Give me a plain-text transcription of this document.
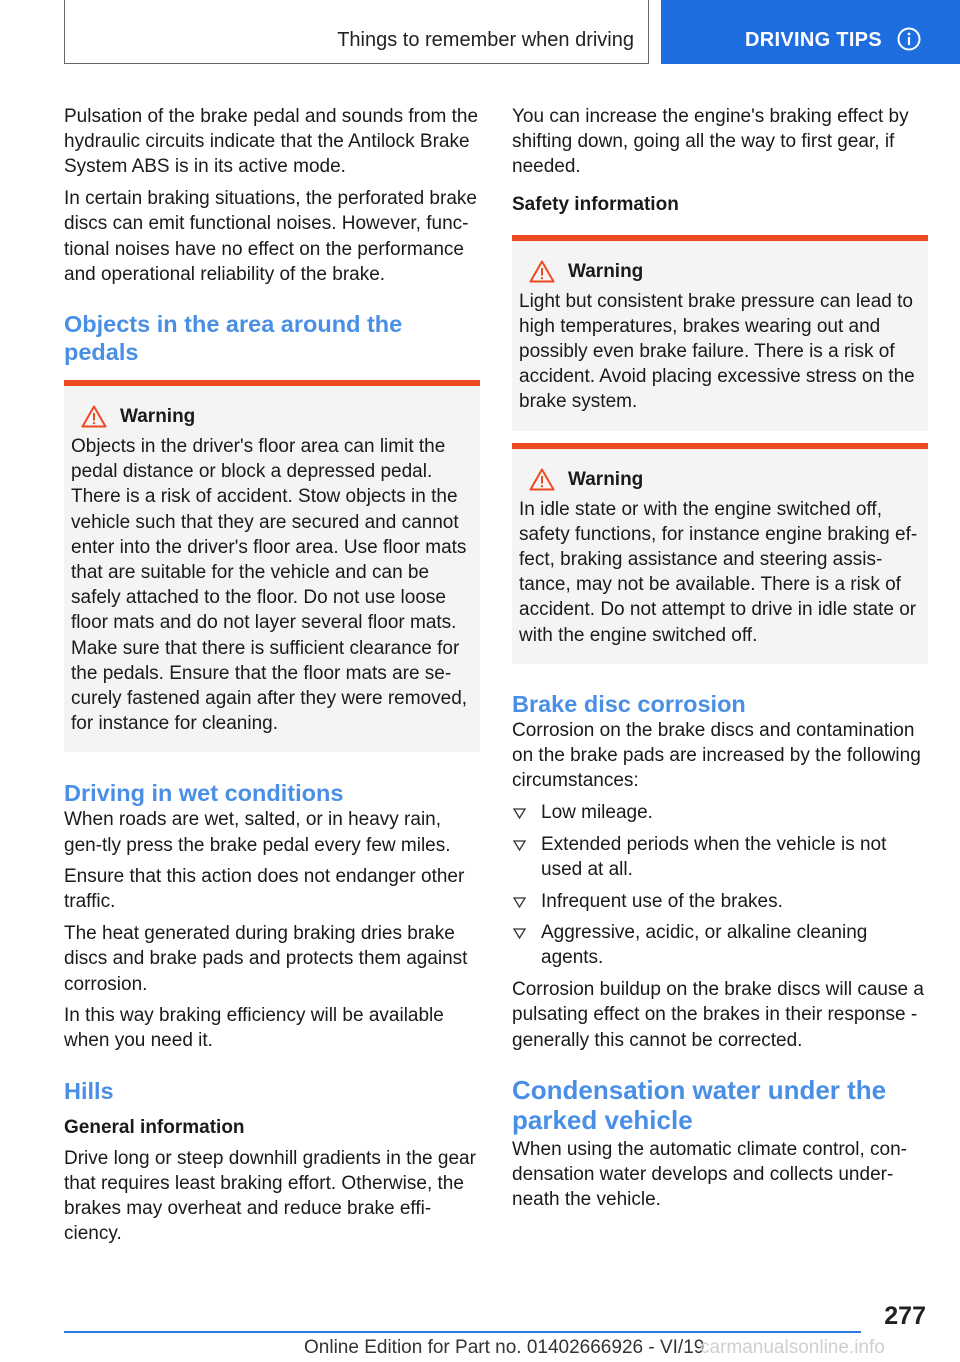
Things to remember when driving	DRIVING TIPS

Pulsation of the brake pedal and sounds from the hydraulic circuits indicate that the Antilock Brake System ABS is in its active mode.

In certain braking situations, the perforated brake discs can emit functional noises. However, func‐tional noises have no effect on the performance and operational reliability of the brake.

Objects in the area around the pedals
Warning

Objects in the driver's floor area can limit the pedal distance or block a depressed pedal. There is a risk of accident. Stow objects in the vehicle such that they are secured and cannot enter into the driver's floor area. Use floor mats that are suitable for the vehicle and can be safely attached to the floor. Do not use loose floor mats and do not layer several floor mats. Make sure that there is sufficient clearance for the pedals. Ensure that the floor mats are se‐curely fastened again after they were removed, for instance for cleaning.

Driving in wet conditions

When roads are wet, salted, or in heavy rain, gen‐tly press the brake pedal every few miles.

Ensure that this action does not endanger other traffic.

The heat generated during braking dries brake discs and brake pads and protects them against corrosion.

In this way braking efficiency will be available when you need it.

Hills
General information

Drive long or steep downhill gradients in the gear that requires least braking effort. Otherwise, the brakes may overheat and reduce brake effi‐ciency.

You can increase the engine's braking effect by shifting down, going all the way to first gear, if needed.

Safety information
Warning

Light but consistent brake pressure can lead to high temperatures, brakes wearing out and possibly even brake failure. There is a risk of accident. Avoid placing excessive stress on the brake system.

Warning

In idle state or with the engine switched off, safety functions, for instance engine braking ef‐fect, braking assistance and steering assis‐tance, may not be available. There is a risk of accident. Do not attempt to drive in idle state or with the engine switched off.

Brake disc corrosion

Corrosion on the brake discs and contamination on the brake pads are increased by the following circumstances:

Low mileage.
Extended periods when the vehicle is not used at all.
Infrequent use of the brakes.
Aggressive, acidic, or alkaline cleaning agents.

Corrosion buildup on the brake discs will cause a pulsating effect on the brakes in their response - generally this cannot be corrected.

Condensation water under the parked vehicle

When using the automatic climate control, con‐densation water develops and collects under‐neath the vehicle.

277
Online Edition for Part no. 01402666926 - VI/19
carmanualsonline.info
